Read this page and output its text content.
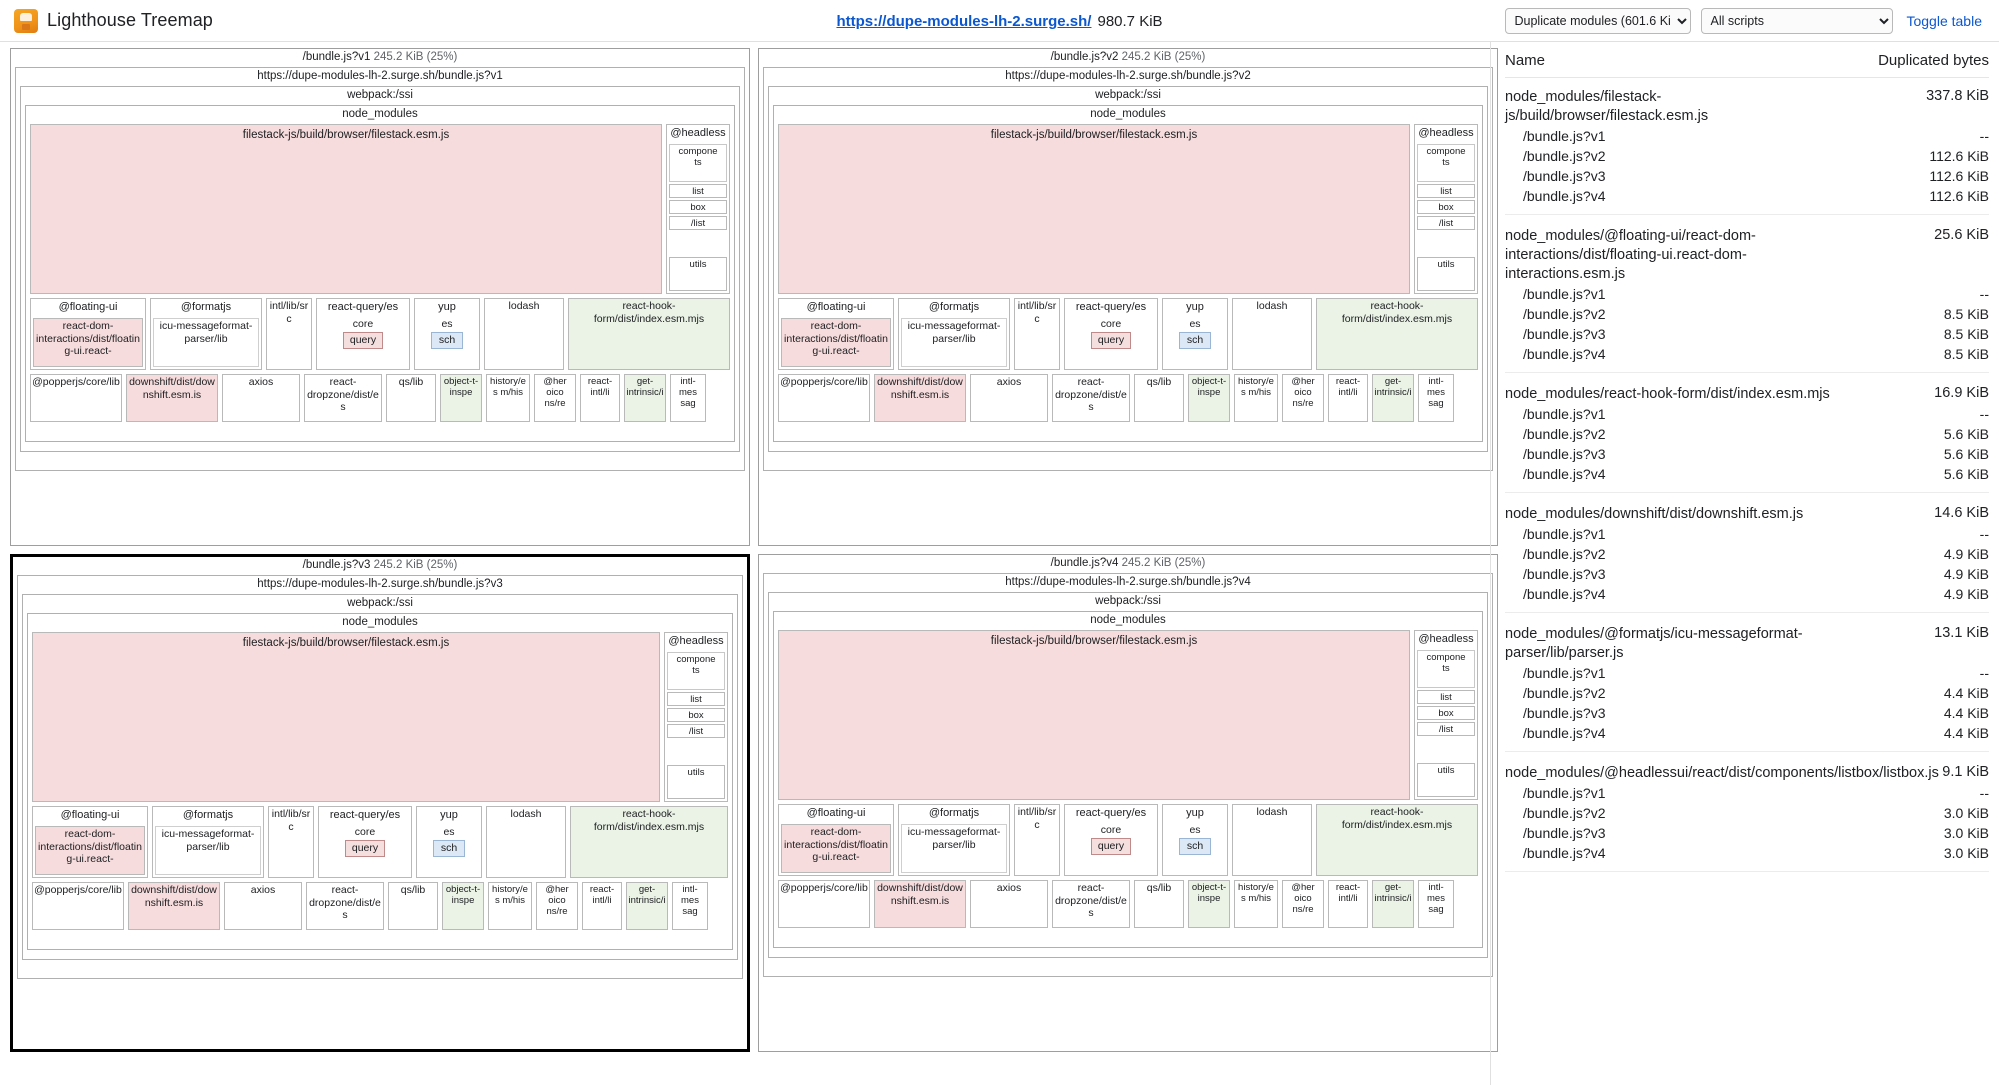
Lighthouse Treemap	https://dupe-modules-lh-2.surge.sh/ 980.7 KiB
Duplicate modules (601.6 KiB)
All scripts	Toggle table
/bundle.js?v1 245.2 KiB (25%)
https://dupe-modules-lh-2.surge.sh/bundle.js?v1
webpack:/ssi
node_modules
filestack-js/build/browser/filestack.esm.js	@headless
compone
ts
list
box
/list
utils
@floating-ui
react-dom-interactions/dist/floating-ui.react-
@formatjs
icu-messageformat-parser/lib
intl/lib/src
react-query/es
core
query
yup
es
sch
lodash	react-hook-form/dist/index.esm.mjs
@popperjs/core/lib downshift/dist/downshift.esm.is
axios	react-dropzone/dist/es
qs/lib	object-t-inspe
history/es m/his
@her oico ns/re
react-intl/li
get-intrinsic/i
intl-mes sag
/bundle.js?v2 245.2 KiB (25%)
https://dupe-modules-lh-2.surge.sh/bundle.js?v2
webpack:/ssi
node_modules
filestack-js/build/browser/filestack.esm.js	@headless
compone
ts
list
box
/list
utils
@floating-ui
react-dom-interactions/dist/floating-ui.react-
@formatjs
icu-messageformat-parser/lib
intl/lib/src
react-query/es
core
query
yup
es
sch
lodash	react-hook-form/dist/index.esm.mjs
@popperjs/core/lib downshift/dist/downshift.esm.is
axios	react-dropzone/dist/es
qs/lib	object-t-inspe
history/es m/his
@her oico ns/re
react-intl/li
get-intrinsic/i
intl-mes sag
/bundle.js?v3 245.2 KiB (25%)
https://dupe-modules-lh-2.surge.sh/bundle.js?v3
webpack:/ssi
node_modules
filestack-js/build/browser/filestack.esm.js	@headless
compone
ts
list
box
/list
utils
@floating-ui
react-dom-interactions/dist/floating-ui.react-
@formatjs
icu-messageformat-parser/lib
intl/lib/src
react-query/es
core
query
yup
es
sch
lodash	react-hook-form/dist/index.esm.mjs
@popperjs/core/lib downshift/dist/downshift.esm.is
axios	react-dropzone/dist/es
qs/lib	object-t-inspe
history/es m/his
@her oico ns/re
react-intl/li
get-intrinsic/i
intl-mes sag
/bundle.js?v4 245.2 KiB (25%)
https://dupe-modules-lh-2.surge.sh/bundle.js?v4
webpack:/ssi
node_modules
filestack-js/build/browser/filestack.esm.js	@headless
compone
ts
list
box
/list
utils
@floating-ui
react-dom-interactions/dist/floating-ui.react-
@formatjs
icu-messageformat-parser/lib
intl/lib/src
react-query/es
core
query
yup
es
sch
lodash	react-hook-form/dist/index.esm.mjs
@popperjs/core/lib downshift/dist/downshift.esm.is
axios	react-dropzone/dist/es
qs/lib	object-t-inspe
history/es m/his
@her oico ns/re
react-intl/li
get-intrinsic/i
intl-mes sag
Name	Duplicated bytes
node_modules/filestack-js/build/browser/filestack.esm.js
337.8 KiB
/bundle.js?v1	--
/bundle.js?v2	112.6 KiB
/bundle.js?v3	112.6 KiB
/bundle.js?v4	112.6 KiB
node_modules/@floating-ui/react-dom-interactions/dist/floating-ui.react-dom-interactions.esm.js
25.6 KiB
/bundle.js?v1	--
/bundle.js?v2	8.5 KiB
/bundle.js?v3	8.5 KiB
/bundle.js?v4	8.5 KiB
node_modules/react-hook-form/dist/index.esm.mjs	16.9 KiB
/bundle.js?v1	--
/bundle.js?v2	5.6 KiB
/bundle.js?v3	5.6 KiB
/bundle.js?v4	5.6 KiB
node_modules/downshift/dist/downshift.esm.js	14.6 KiB
/bundle.js?v1	--
/bundle.js?v2	4.9 KiB
/bundle.js?v3	4.9 KiB
/bundle.js?v4	4.9 KiB
node_modules/@formatjs/icu-messageformat-parser/lib/parser.js
13.1 KiB
/bundle.js?v1	--
/bundle.js?v2	4.4 KiB
/bundle.js?v3	4.4 KiB
/bundle.js?v4	4.4 KiB
node_modules/@headlessui/react/dist/components/listbox/listbox.js 9.1 KiB
/bundle.js?v1	--
/bundle.js?v2	3.0 KiB
/bundle.js?v3	3.0 KiB
/bundle.js?v4	3.0 KiB
